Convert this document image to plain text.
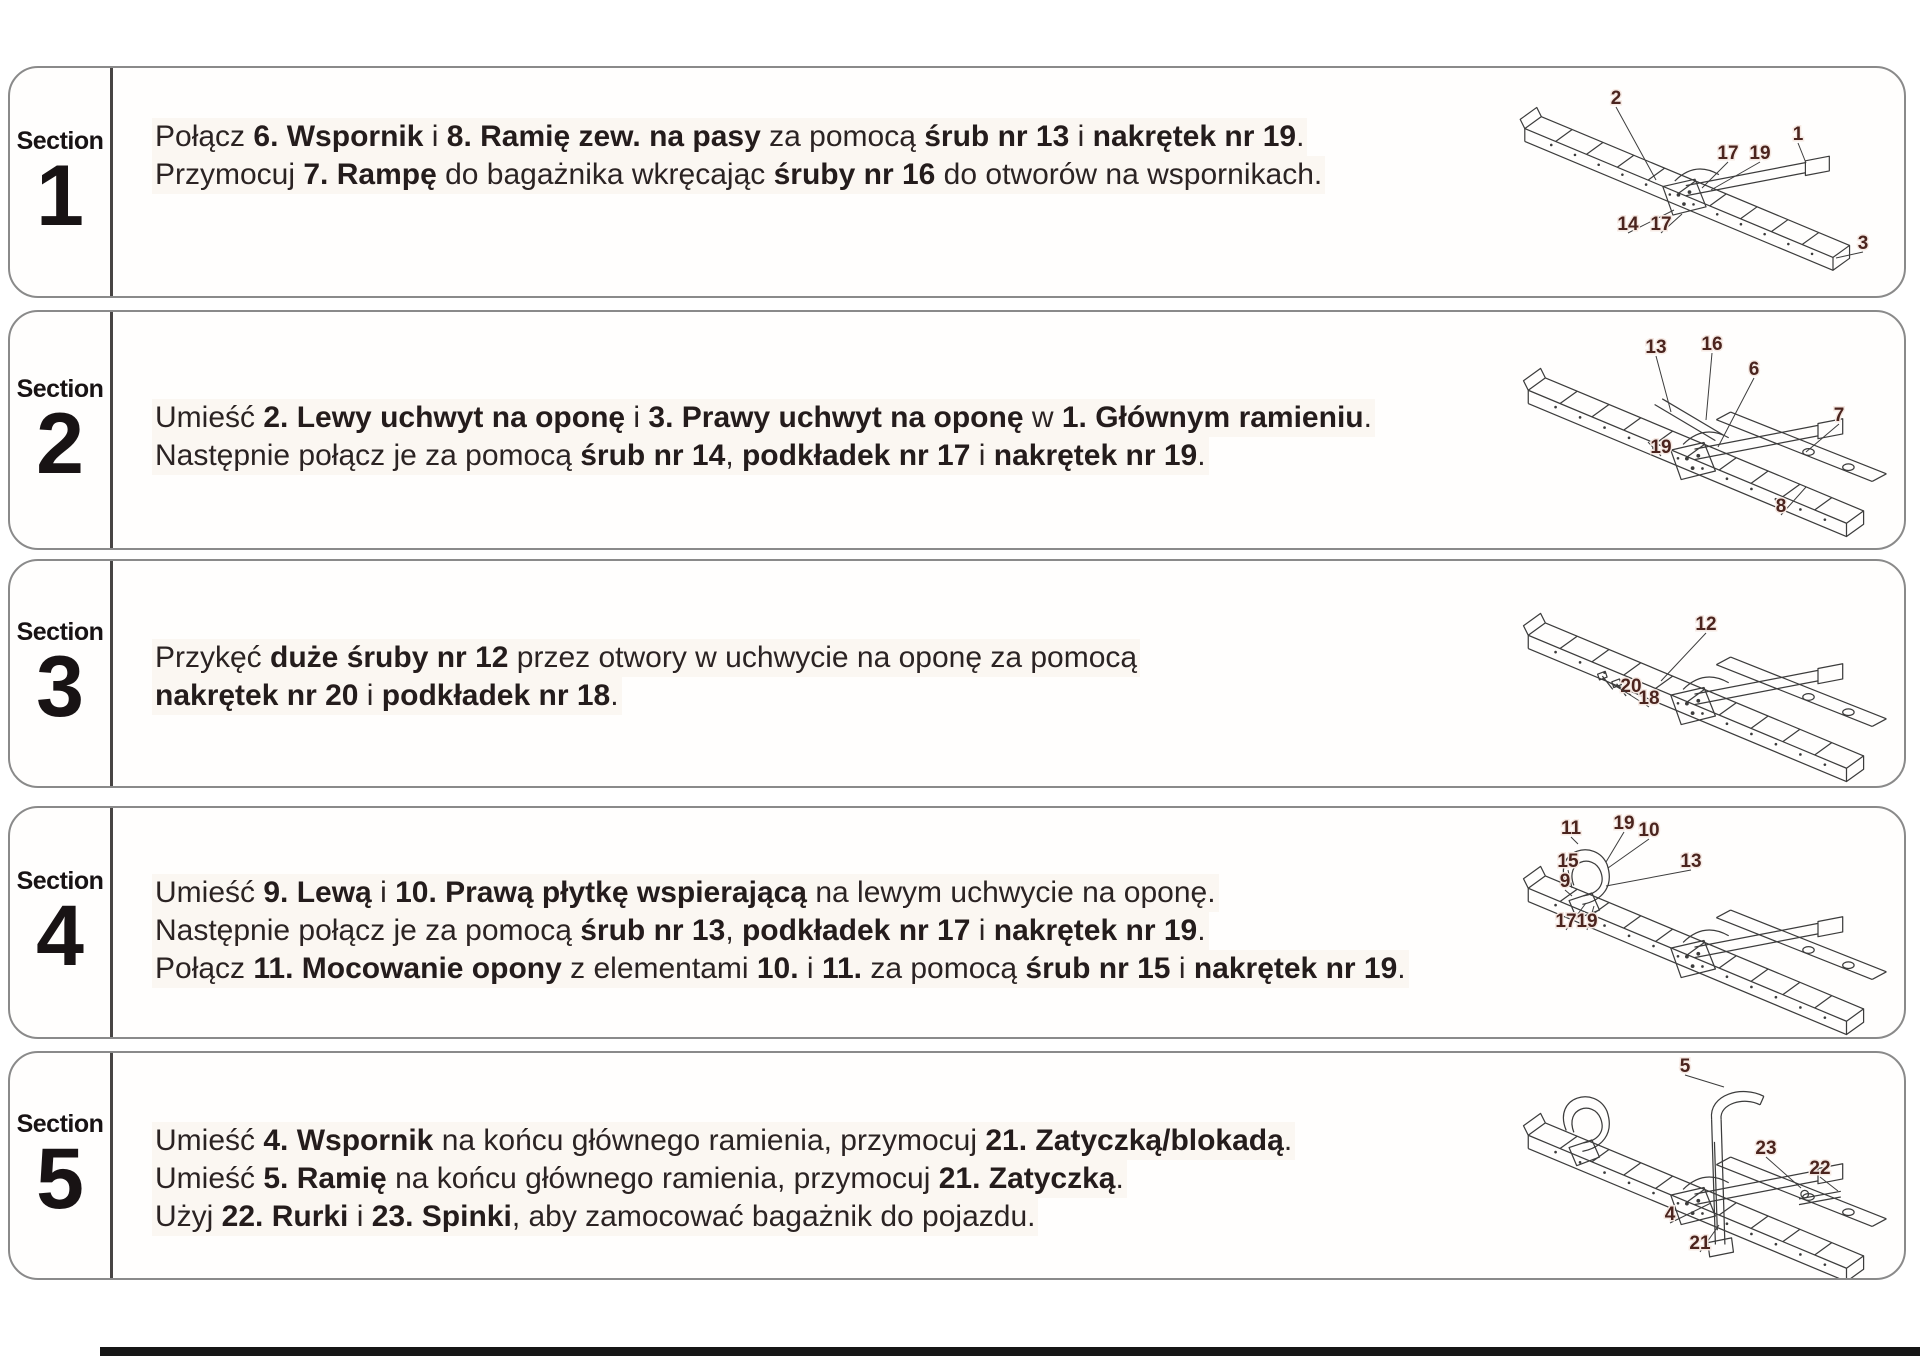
Section
1
Połącz 6. Wspornik i 8. Ramię zew. na pasy za pomocą śrub nr 13 i nakrętek nr 19.
Przymocuj 7. Rampę do bagażnika wkręcając śruby nr 16 do otworów na wspornikach.
2
17 19
1
14 17
3
Section
2 Umieść 2. Lewy uchwyt na oponę i 3. Prawy uchwyt na oponę w 1. Głównym ramieniu.
Następnie połącz je za pomocą śrub nr 14, podkładek nr 17 i nakrętek nr 19.
13 16
6
7
19
8
Section
3 Przykęć duże śruby nr 12 przez otwory w uchwycie na oponę za pomocą
nakrętek nr 20 i podkładek nr 18.
12
20
18
Section
4 Umieść 9. Lewą i 10. Prawą płytkę wspierającą na lewym uchwycie na oponę.
Następnie połącz je za pomocą śrub nr 13, podkładek nr 17 i nakrętek nr 19.
Połącz 11. Mocowanie opony z elementami 10. i 11. za pomocą śrub nr 15 i nakrętek nr 19.
11 19 10
15
9
13
17 19
Section
5 Umieść 4. Wspornik na końcu głównego ramienia, przymocuj 21. Zatyczką/blokadą.
Umieść 5. Ramię na końcu głównego ramienia, przymocuj 21. Zatyczką.
Użyj 22. Rurki i 23. Spinki, aby zamocować bagażnik do pojazdu.
5
23
22
4
21
